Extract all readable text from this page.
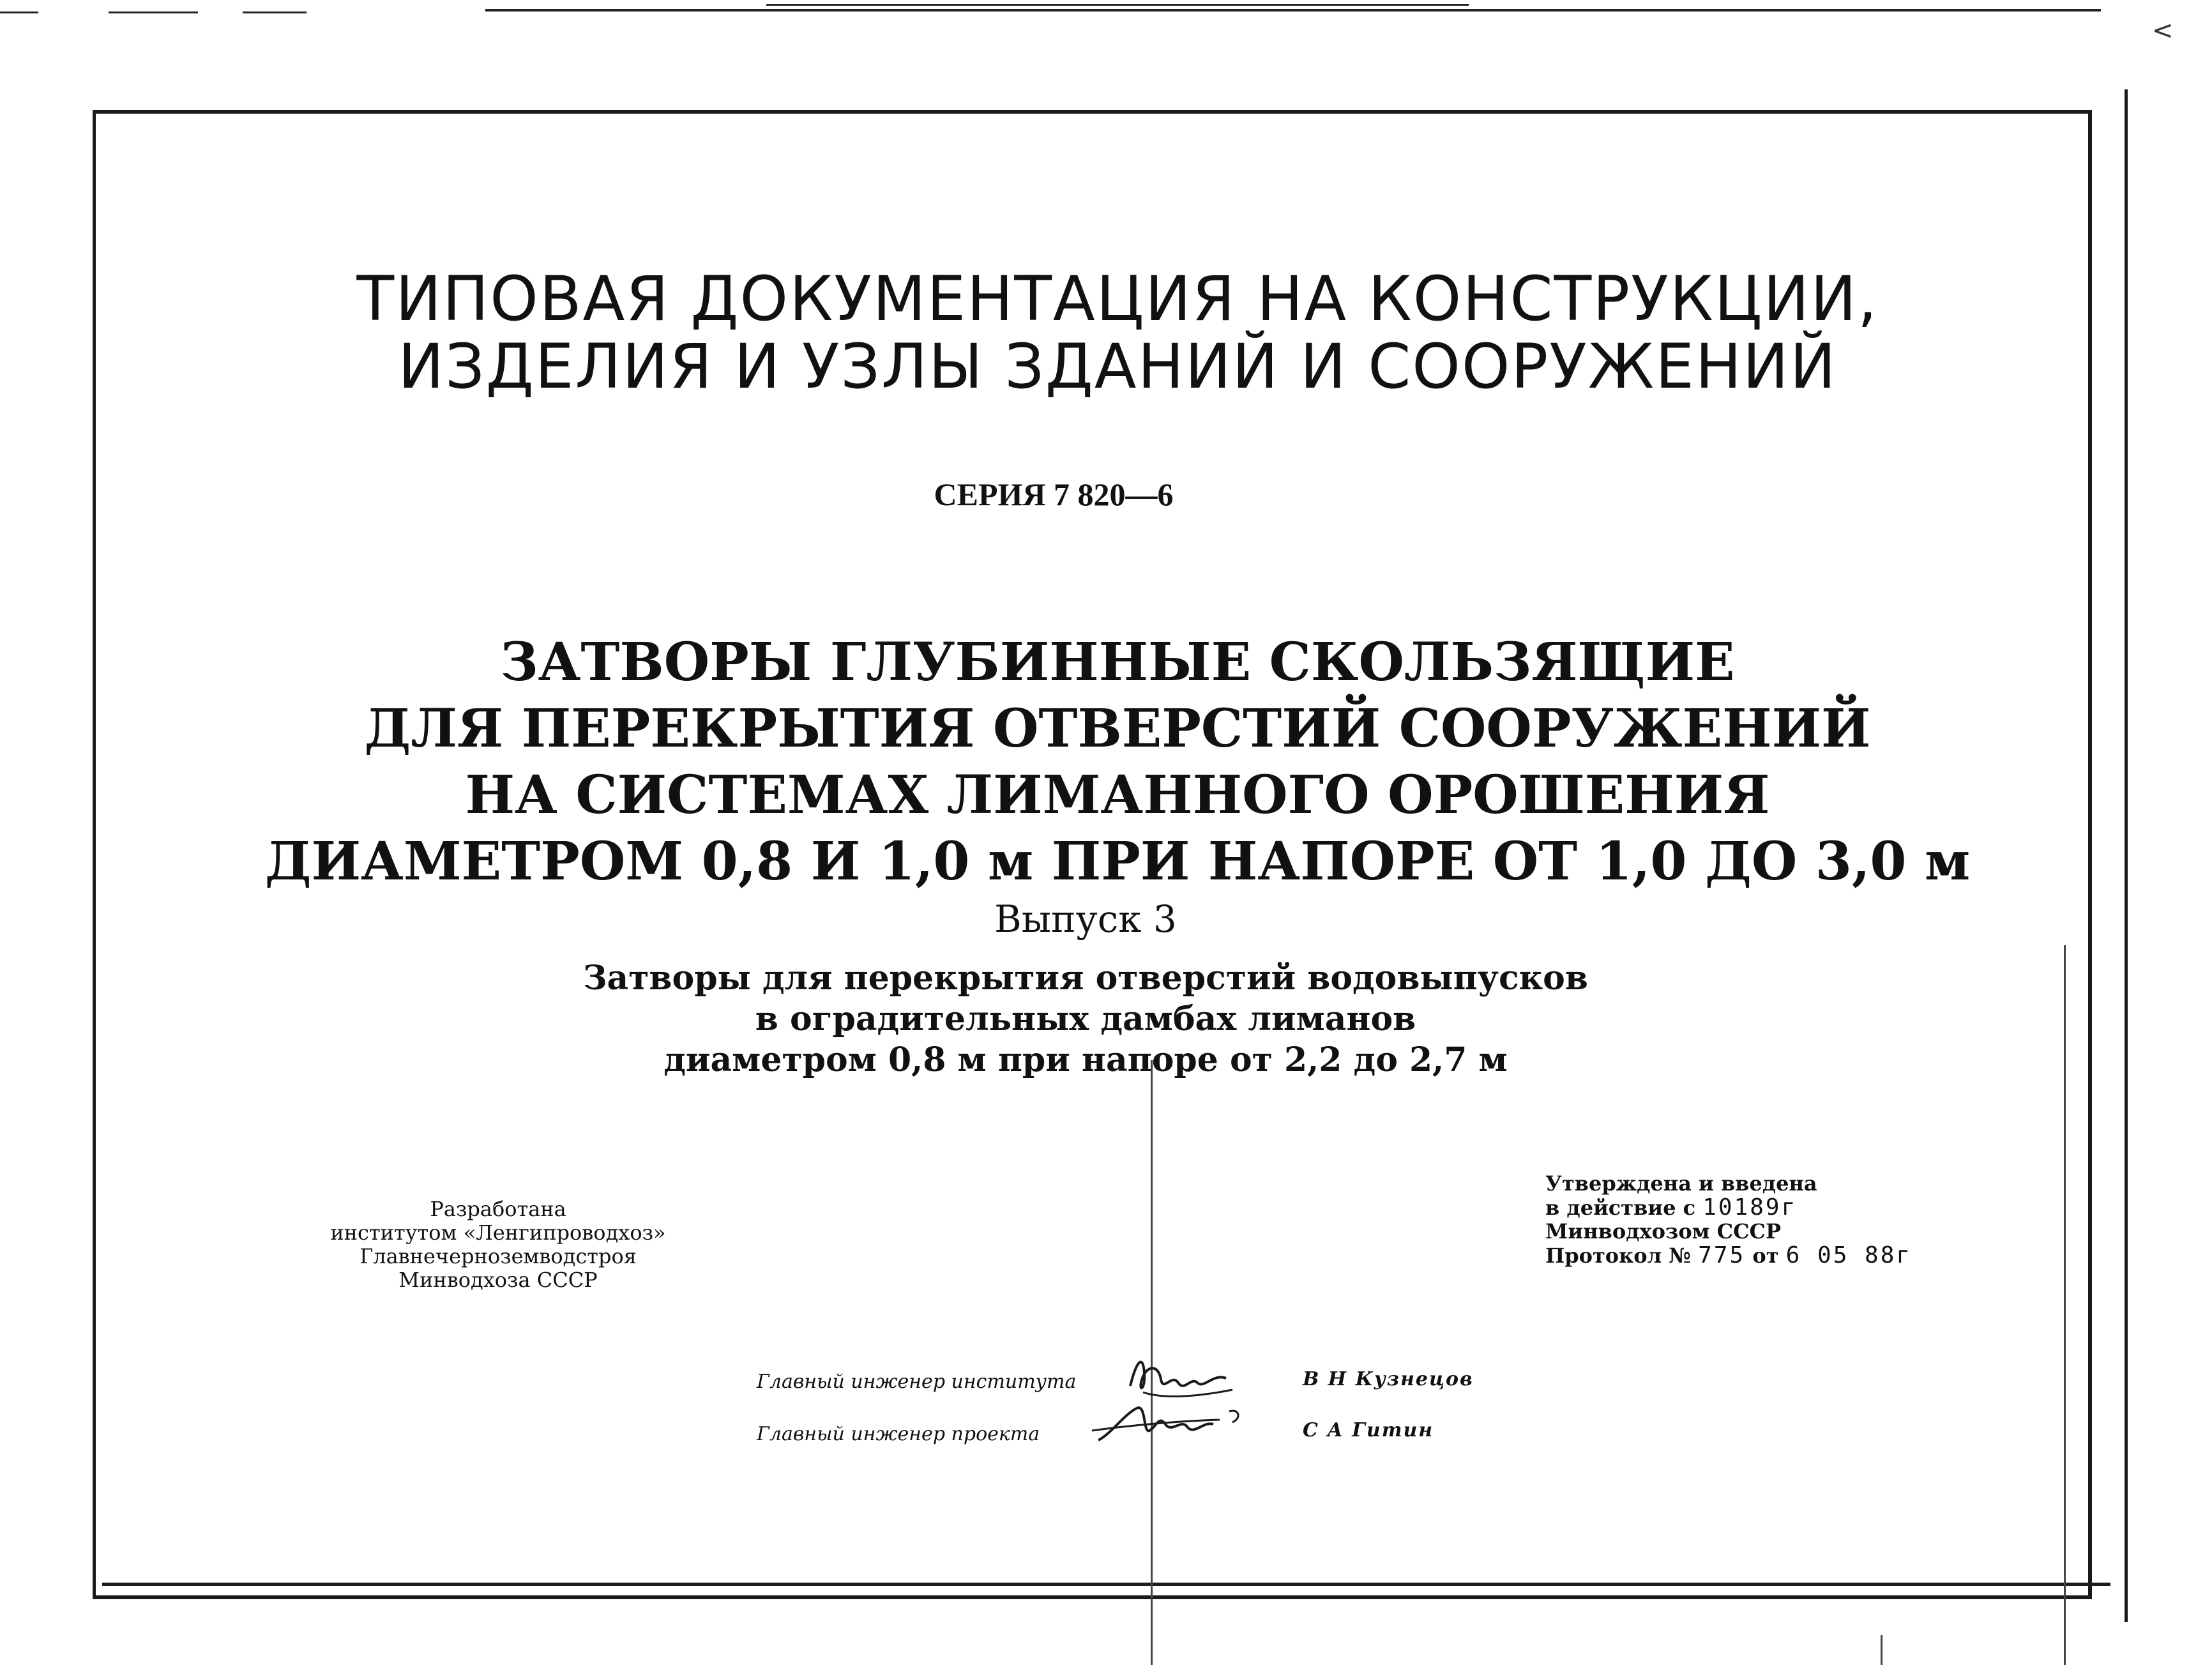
<
ТИПОВАЯ ДОКУМЕНТАЦИЯ НА КОНСТРУКЦИИ,
ИЗДЕЛИЯ И УЗЛЫ ЗДАНИЙ И СООРУЖЕНИЙ
СЕРИЯ 7 820—6
ЗАТВОРЫ ГЛУБИННЫЕ СКОЛЬЗЯЩИЕ
ДЛЯ ПЕРЕКРЫТИЯ ОТВЕРСТИЙ СООРУЖЕНИЙ
НА СИСТЕМАХ ЛИМАННОГО ОРОШЕНИЯ
ДИАМЕТРОМ 0,8 И 1,0 м ПРИ НАПОРЕ ОТ 1,0 ДО 3,0 м
Выпуск 3
Затворы для перекрытия отверстий водовыпусков
в оградительных дамбах лиманов
диаметром 0,8 м при напоре от 2,2 до 2,7 м
Разработана
институтом «Ленгипроводхоз»
Главнечерноземводстроя
Минводхоза СССР
Утверждена и введена
в действие с 10189г
Минводхозом СССР
Протокол № 775 от 6 05 88г
Главный инженер института	В Н Кузнецов
Главный инженер проекта	С А Гитин
